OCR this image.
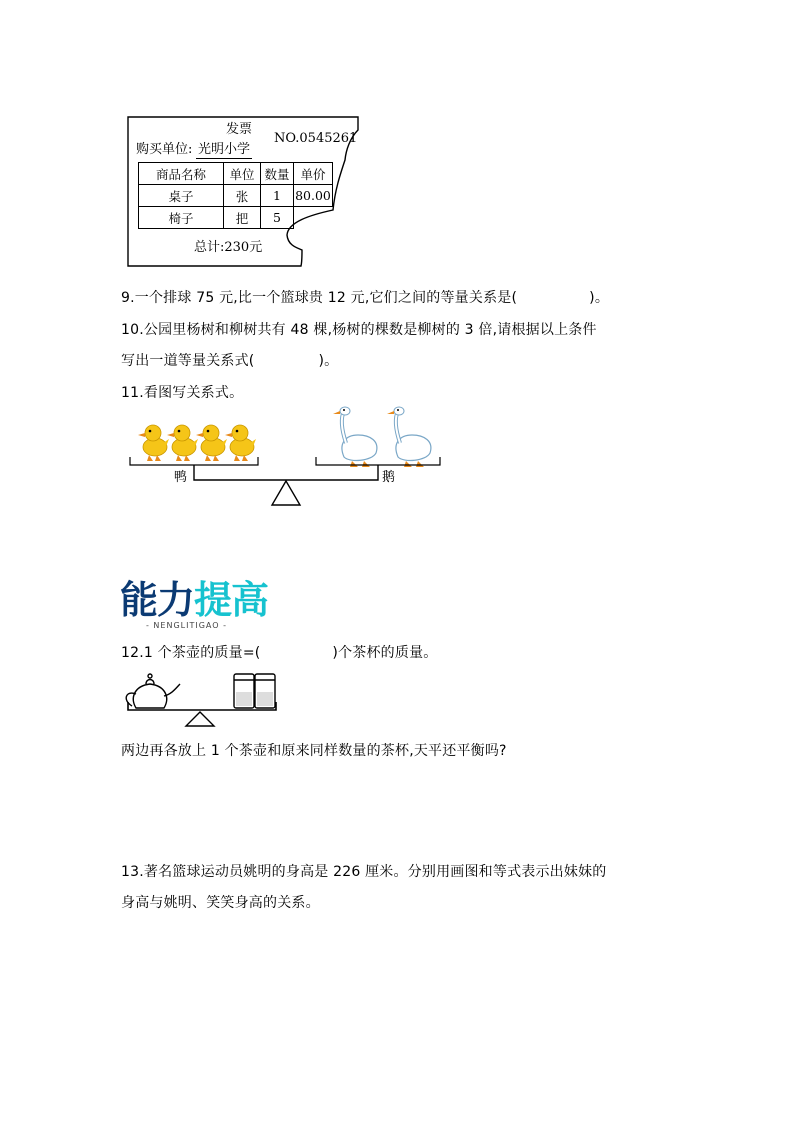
发票
NO.0545261
购买单位: 光明小学
商品名称	单位	数量	单价
桌子	张	1	80.00
椅子	把	5	
总计:230元
9.一个排球 75 元,比一个篮球贵 12 元,它们之间的等量关系是(	)。
10.公园里杨树和柳树共有 48 棵,杨树的棵数是柳树的 3 倍,请根据以上条件
写出一道等量关系式(	)。
11.看图写关系式。
鸭	鹅
能力提高
- NENGLITIGAO -
12.1 个茶壶的质量=(	)个茶杯的质量。
两边再各放上 1 个茶壶和原来同样数量的茶杯,天平还平衡吗?
13.著名篮球运动员姚明的身高是 226 厘米。分别用画图和等式表示出妹妹的
身高与姚明、笑笑身高的关系。
